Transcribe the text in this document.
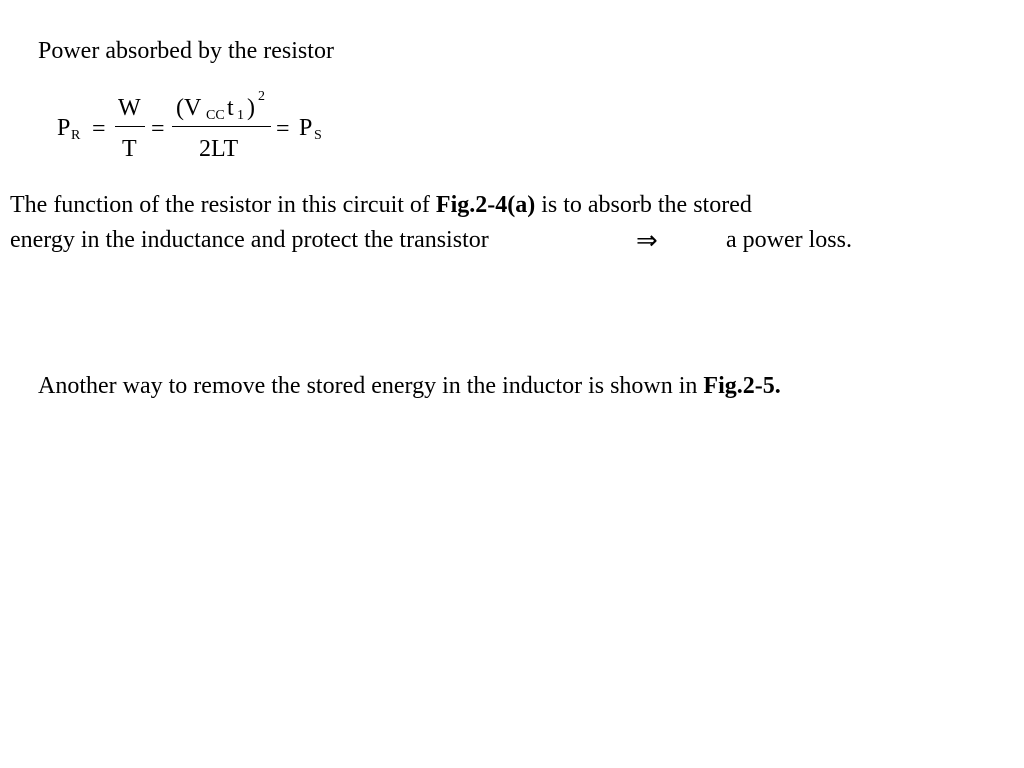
Power absorbed by the resistor
P R =
W
T
=
(V CC t 1 ) 2
2LT
= P S
The function of the resistor in this circuit of Fig.2-4(a) is to absorb the stored
energy in the inductance and protect the transistor	⇒	a power loss.
Another way to remove the stored energy in the inductor is shown in Fig.2-5.
